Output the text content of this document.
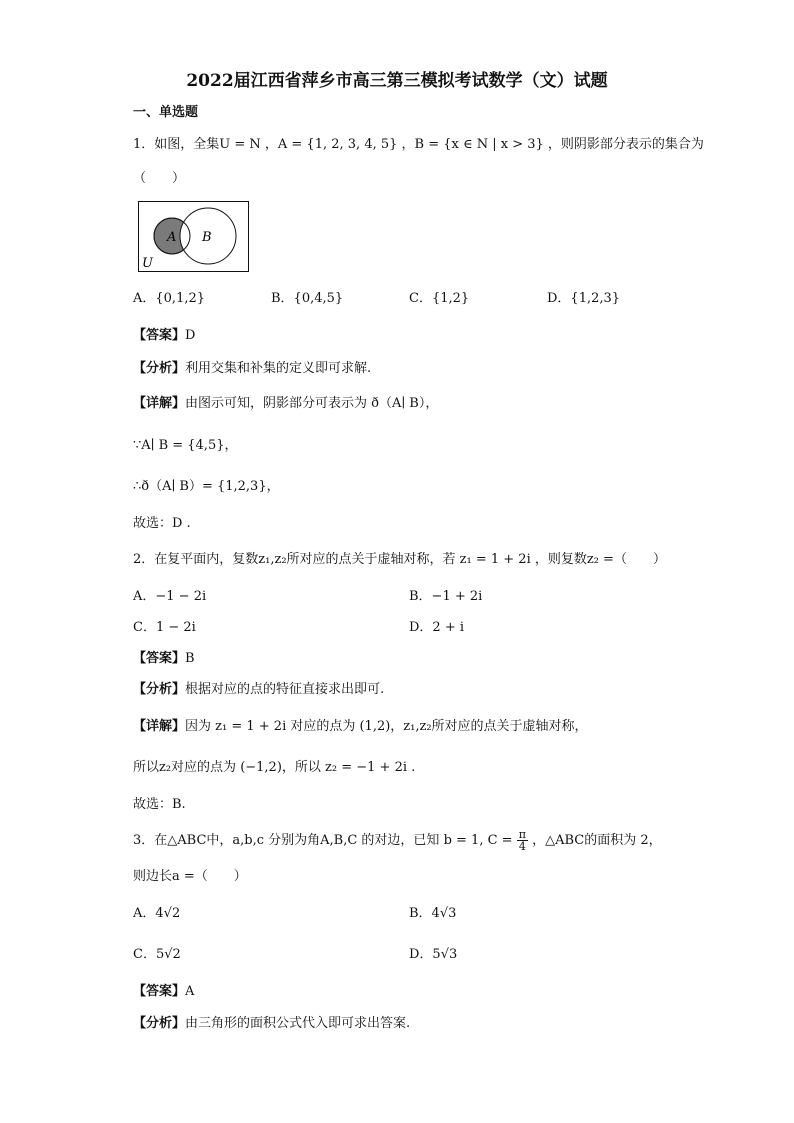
2022届江西省萍乡市高三第三模拟考试数学（文）试题
一、单选题
1．如图，全集U = N ，A = {1, 2, 3, 4, 5} ，B = {x ∈ N | x > 3} ，则阴影部分表示的集合为
（　　）
A B
U
A．{0,1,2}	B．{0,4,5}	C．{1,2}	D．{1,2,3}
【答案】D
【分析】利用交集和补集的定义即可求解.
【详解】由图示可知，阴影部分可表示为 ð（A∣ B），
∵A∣ B = {4,5}，
∴ð（A∣ B）= {1,2,3}，
故选：D .
2．在复平面内，复数z₁,z₂所对应的点关于虚轴对称，若 z₁ = 1 + 2i ，则复数z₂ =（　　）
A．−1 − 2i	B．−1 + 2i
C．1 − 2i	D．2 + i
【答案】B
【分析】根据对应的点的特征直接求出即可.
【详解】因为 z₁ = 1 + 2i 对应的点为 (1,2)，z₁,z₂所对应的点关于虚轴对称，
所以z₂对应的点为 (−1,2)，所以 z₂ = −1 + 2i .
故选：B.
3．在△ABC中，a,b,c 分别为角A,B,C 的对边，已知 b = 1, $C = \frac{\pi}{4}$ ，△ABC的面积为 2，
则边长a =（　　）
A．4√2	B．4√3
C．5√2	D．5√3
【答案】A
【分析】由三角形的面积公式代入即可求出答案.
